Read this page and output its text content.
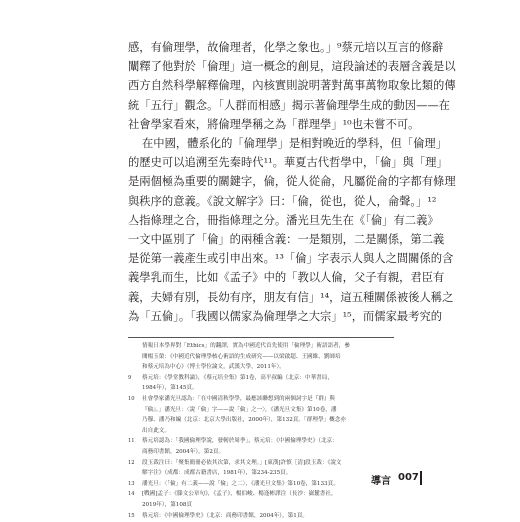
感，有倫理學，故倫理者，化學之象也。」⁹蔡元培以互言的修辭
闡釋了他對於「倫理」這一概念的創見，這段論述的表層含義是以
西方自然科學解釋倫理，內核實則說明著對萬事萬物取象比類的傳
統「五行」觀念。「人群而相感」揭示著倫理學生成的動因——在
社會學家看來，將倫理學稱之為「群理學」¹⁰也未嘗不可。
在中國，體系化的「倫理學」是相對晚近的學科，但「倫理」
的歷史可以追溯至先秦時代¹¹。華夏古代哲學中，「倫」與「理」
是兩個極為重要的關鍵字，倫，從人從侖，凡屬從侖的字都有條理
與秩序的意義。《說文解字》曰：「倫，從也，從人，侖聲。」¹²
亼指條理之合，冊指條理之分。潘光旦先生在《「倫」有二義》
一文中區別了「倫」的兩種含義：一是類別，二是關係，第二義
是從第一義產生或引申出來。¹³「倫」字表示人與人之間關係的含
義學乳而生，比如《孟子》中的「教以人倫，父子有親，君臣有
義，夫婦有別，長幼有序，朋友有信」¹⁴，這五種關係被後人稱之
為「五倫」。「我國以儒家為倫理學之大宗」¹⁵，而儒家最考究的
情報日本學界對「Ethics」的翻譯，實為中國近代首先使用「倫理學」術語語者，參
閱楊玉榮：《中國近代倫理學核心術語的生成研究——以梁啟超、王國維、劉師培
和蔡元培為中心》（博士學位論文，武漢大學，2011年）。
9	蔡元培：《學堂教科論》，《蔡元培全集》第1卷，高平叔編（北京：中華書局，
1984年），第145頁。
10	社會學家潘光旦認為：「在中國清秋學學，最應該聯想到的兩個詞字是『群』與
『倫』。」潘光旦：〈說「倫」字——說「倫」之一〉，《潘光旦文集》第10卷，潘
乃穆、潘乃和編（北京：北京大學出版社，2000年），第132頁。「群理學」概念亦
出自此文。
11	蔡元培認為：「我國倫理學說，發軔於周季」，蔡元培：《中國倫理學史》（北京：
商務印書館，2004年），第2頁。
12	段玉裁注曰：「聚集簡冊必依其次第，求其文理。」[東漢]許慎［清]段玉裁：《說文
解字注》（成都：成都古籍書店，1981年），第234-235頁。
13	潘光旦：〈「倫」有二義——說「倫」之二〉，《潘光旦文集》第10卷，第133頁。
14	[戰國]孟子：《滕文公章句》，《孟子》，楊伯峻、楊逢彬譯注（長沙：嶽麓書社，
2019年），第108頁
15	蔡元培：《中國倫理學史》（北京：商務印書館，2004年），第1頁。
導言 007
